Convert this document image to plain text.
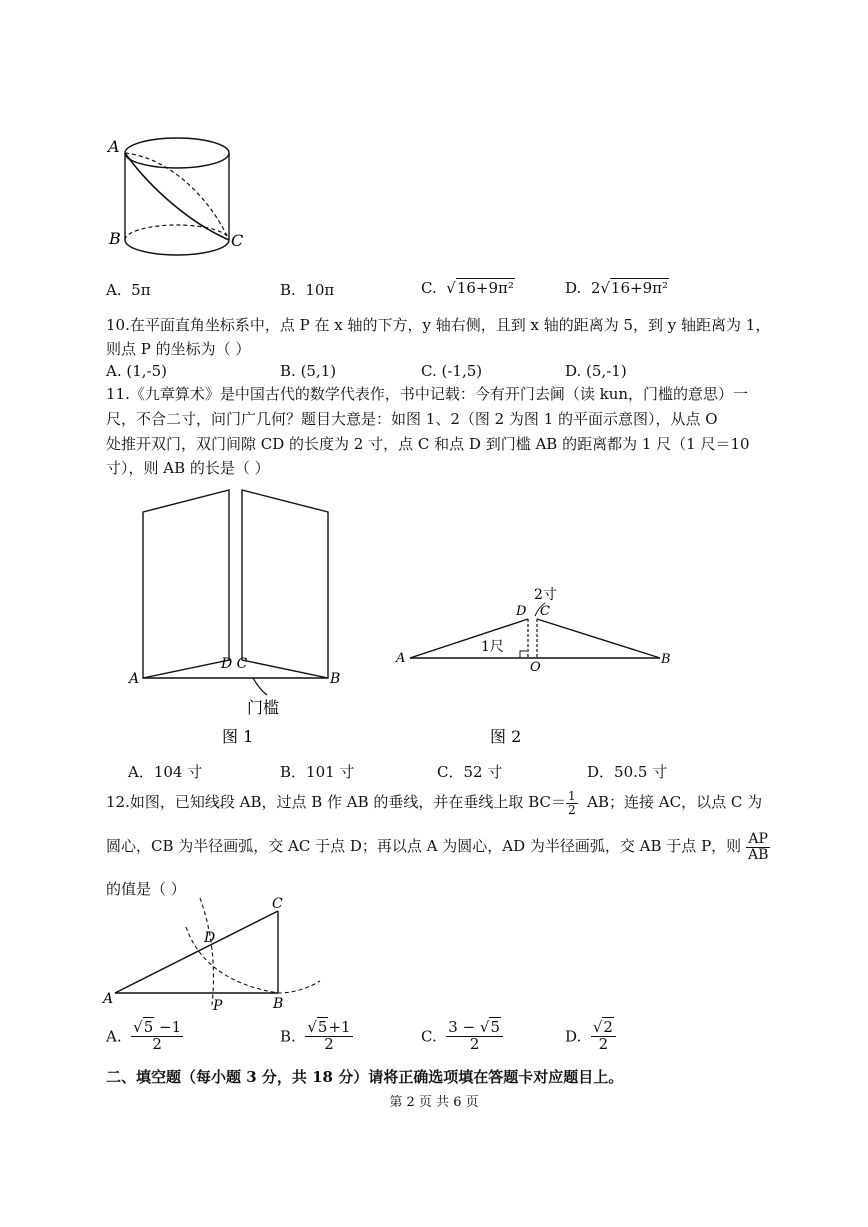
A
B	C
A. 5π	B. 10π	C.  √16+9π²	D. 2√16+9π²
10.在平面直角坐标系中，点 P 在 x 轴的下方，y 轴右侧，且到 x 轴的距离为 5，到 y 轴距离为 1，
则点 P 的坐标为（ ）
A. (1,-5)	B. (5,1)	C. (-1,5)	D. (5,-1)
11.《九章算术》是中国古代的数学代表作，书中记载：今有开门去阃（读 kun，门槛的意思）一
尺，不合二寸，问门广几何？题目大意是：如图 1、2（图 2 为图 1 的平面示意图），从点 O
处推开双门，双门间隙 CD 的长度为 2 寸，点 C 和点 D 到门槛 AB 的距离都为 1 尺（1 尺＝10
寸），则 AB 的长是（ ）
A	B
D C
门槛
图 1
A	B
D C
O
2寸
1尺
图 2
A．104 寸	B．101 寸	C．52 寸	D．50.5 寸
12.如图，已知线段 AB，过点 B 作 AB 的垂线，并在垂线上取 $BC= \frac{1}{2}$ AB；连接 AC，以点 C 为
圆心，CB 为半径画弧，交 AC 于点 D；再以点 A 为圆心，AD 为半径画弧，交 AB 于点 P，则 $\frac{AP}{AB}$
的值是（ ）
A	B
C
D
P
A. $\frac{√5 -1}{2}$	B. $\frac{√5+1}{2}$	C. $\frac{3 - √5}{2}$	D. $\frac{√2}{2}$
二、填空题（每小题 3 分，共 18 分）请将正确选项填在答题卡对应题目上。
第 2 页 共 6 页
